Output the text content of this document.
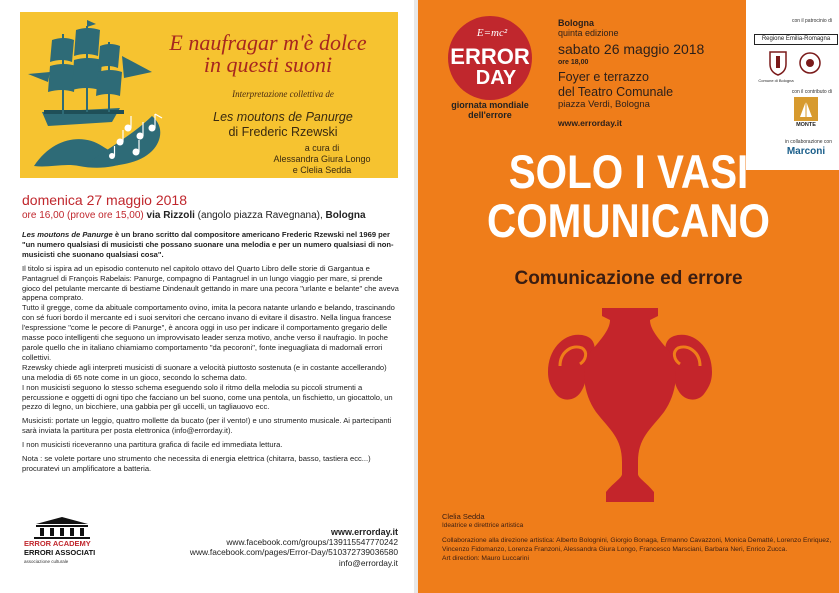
E naufragar m'è dolce
in questi suoni
Interpretazione collettiva de
Les moutons de Panurge
di Frederic Rzewski
a cura di
Alessandra Giura Longo
e Clelia Sedda
domenica 27 maggio 2018
ore 16,00 (prove ore 15,00) via Rizzoli (angolo piazza Ravegnana), Bologna

Les moutons de Panurge è un brano scritto dal compositore americano Frederic Rzewski nel 1969 per "un numero qualsiasi di musicisti che possano suonare una melodia e per un numero qualsiasi di non-musicisti che suonano qualsiasi cosa".

Il titolo si ispira ad un episodio contenuto nel capitolo ottavo del Quarto Libro delle storie di Gargantua e Pantagruel di François Rabelais: Panurge, compagno di Pantagruel in un lungo viaggio per mare, si prende gioco del petulante mercante di bestiame Dindenault gettando in mare una pecora "urlante e belante" che aveva appena comprato.

Tutto il gregge, come da abituale comportamento ovino, imita la pecora natante urlando e belando, trascinando con sé fuori bordo il mercante ed i suoi servitori che cercano invano di evitare il disastro. Nella lingua francese l'espressione "come le pecore di Panurge", è ancora oggi in uso per indicare il comportamento gregario delle masse poco intelligenti che seguono un improvvisato leader senza motivo, anche verso il naufragio. In poche parole quello che in italiano chiamiamo comportamento "da pecoroni", fonte ineguagliata di madornali errori collettivi.

Rzewsky chiede agli interpreti musicisti di suonare a velocità piuttosto sostenuta (e in costante accellerando) una melodia di 65 note come in un gioco, secondo lo schema dato.

I non musicisti seguono lo stesso schema eseguendo solo il ritmo della melodia su piccoli strumenti a percussione e oggetti di ogni tipo che facciano un bel suono, come una pentola, un fischietto, un giocattolo, un pezzo di legno, un bicchiere, una gabbia per gli uccelli, un tagliauovo ecc.

Musicisti: portate un leggio, quattro mollette da bucato (per il vento!) e uno strumento musicale. Ai partecipanti sarà inviata la partitura per posta elettronica (info@errorday.it).

I non musicisti riceveranno una partitura grafica di facile ed immediata lettura.

Nota : se volete portare uno strumento che necessita di energia elettrica (chitarra, basso, tastiera ecc...) procuratevi un amplificatore a batteria.

ERROR ACADEMY
ERRORI ASSOCIATI
associazione culturale
www.errorday.it
www.facebook.com/groups/139115547770242
www.facebook.com/pages/Error-Day/510372739036580
info@errorday.it
E=mc²
ERROR
DAY
giornata mondiale
dell'errore
Bologna
quinta edizione
sabato 26 maggio 2018
ore 18,00
Foyer e terrazzo
del Teatro Comunale
piazza Verdi, Bologna
www.errorday.it
con il patrocinio di
Regione Emilia-Romagna
Comune di Bologna
con il contributo di
MONTE
in collaborazione con
Marconi
SOLO I VASI
COMUNICANO
Comunicazione ed errore
Clelia Sedda
Ideatrice e direttrice artistica
Collaborazione alla direzione artistica: Alberto Bolognini, Giorgio Bonaga, Ermanno Cavazzoni, Monica Dematté, Lorenzo Enriquez, Vincenzo Fidomanzo, Lorenza Franzoni, Alessandra Giura Longo, Francesco Marsciani, Barbara Neri, Enrico Zucca.
Art direction: Mauro Luccarini
